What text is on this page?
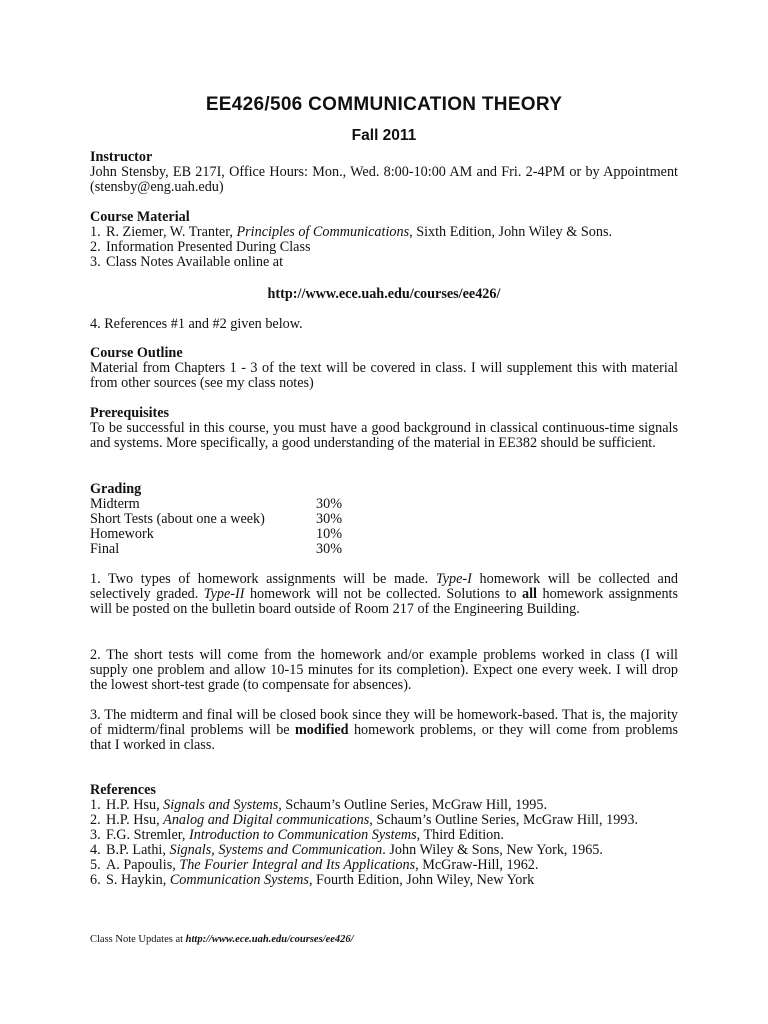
EE426/506 COMMUNICATION THEORY
Fall 2011
Instructor
John Stensby, EB 217I, Office Hours: Mon., Wed. 8:00-10:00 AM and Fri. 2-4PM or by Appointment (stensby@eng.uah.edu)
Course Material
1. R. Ziemer, W. Tranter, Principles of Communications, Sixth Edition, John Wiley & Sons.
2. Information Presented During Class
3. Class Notes Available online at
http://www.ece.uah.edu/courses/ee426/
4. References #1 and #2 given below.
Course Outline
Material from Chapters 1 - 3 of the text will be covered in class. I will supplement this with material from other sources (see my class notes)
Prerequisites
To be successful in this course, you must have a good background in classical continuous-time signals and systems. More specifically, a good understanding of the material in EE382 should be sufficient.
Grading
Midterm	30%
Short Tests (about one a week)	30%
Homework	10%
Final	30%
1. Two types of homework assignments will be made. Type-I homework will be collected and selectively graded. Type-II homework will not be collected. Solutions to all homework assignments will be posted on the bulletin board outside of Room 217 of the Engineering Building.
2. The short tests will come from the homework and/or example problems worked in class (I will supply one problem and allow 10-15 minutes for its completion). Expect one every week. I will drop the lowest short-test grade (to compensate for absences).
3. The midterm and final will be closed book since they will be homework-based. That is, the majority of midterm/final problems will be modified homework problems, or they will come from problems that I worked in class.
References
1. H.P. Hsu, Signals and Systems, Schaum’s Outline Series, McGraw Hill, 1995.
2. H.P. Hsu, Analog and Digital communications, Schaum’s Outline Series, McGraw Hill, 1993.
3. F.G. Stremler, Introduction to Communication Systems, Third Edition.
4. B.P. Lathi, Signals, Systems and Communication. John Wiley & Sons, New York, 1965.
5. A. Papoulis, The Fourier Integral and Its Applications, McGraw-Hill, 1962.
6. S. Haykin, Communication Systems, Fourth Edition, John Wiley, New York
Class Note Updates at http://www.ece.uah.edu/courses/ee426/
